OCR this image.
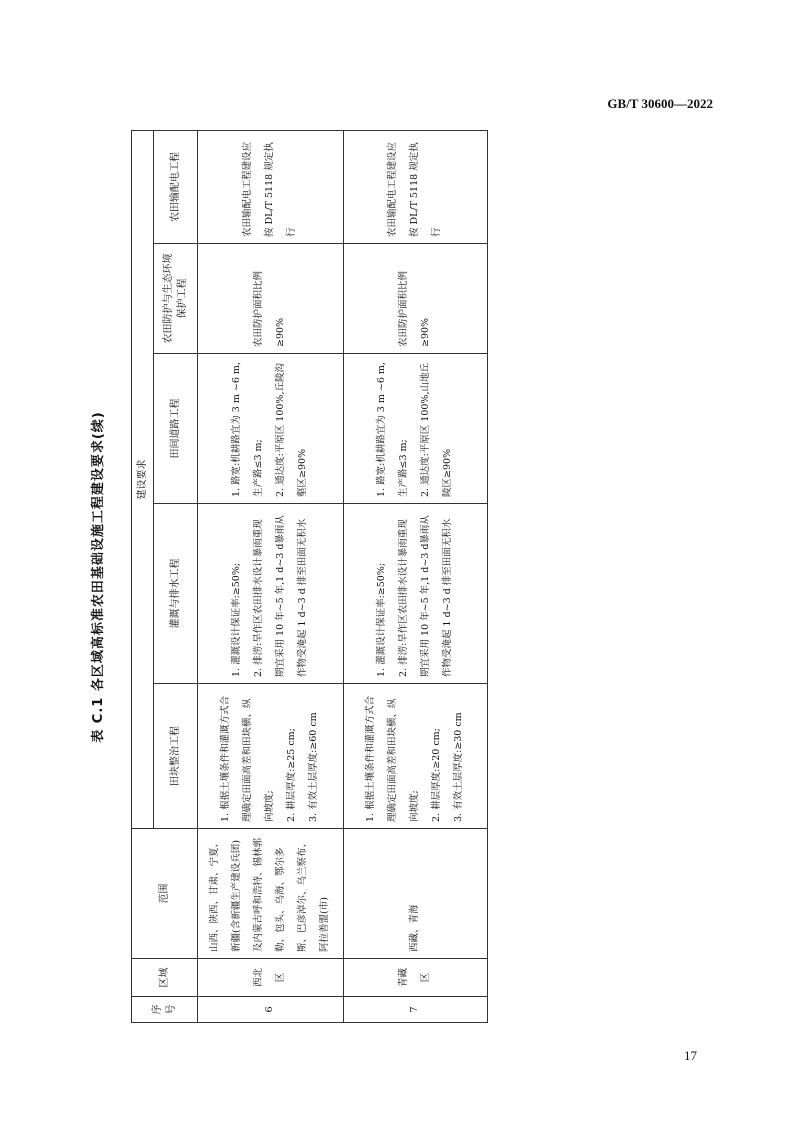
GB/T 30600—2022
表 C.1 各区域高标准农田基础设施工程建设要求(续)
序号	区域	范围	建设要求				
			田块整治工程	灌溉与排水工程	田间道路工程	农田防护与生态环境保护工程	农田输配电工程
6	西北区	山西、陕西、甘肃、宁夏、新疆(含新疆生产建设兵团)及内蒙古呼和浩特、锡林郭勒、包头、乌海、鄂尔多斯、巴彦淖尔、乌兰察布、阿拉善盟(市)	1. 根据土壤条件和灌溉方式合理确定田面高差和田块横、纵向坡度;
2. 耕层厚度:≥25 cm;
3. 有效土层厚度:≥60 cm	1. 灌溉设计保证率:≥50%;
2. 排涝:旱作区农田排水设计暴雨重现期宜采用 10 年~5 年,1 d~3 d暴雨从作物受淹起 1 d~3 d 排至田面无积水	1. 路宽:机耕路宜为 3 m ~6 m,生产路≤3 m;
2. 通达度:平原区 100%,丘陵沟壑区≥90%	农田防护面积比例≥90%	农田输配电工程建设应按 DL/T 5118 规定执行
7	青藏区	西藏、青海	1. 根据土壤条件和灌溉方式合理确定田面高差和田块横、纵向坡度;
2. 耕层厚度:≥20 cm;
3. 有效土层厚度:≥30 cm	1. 灌溉设计保证率:≥50%;
2. 排涝:旱作区农田排水设计暴雨重现期宜采用 10 年~5 年,1 d~3 d暴雨从作物受淹起 1 d~3 d 排至田面无积水	1. 路宽:机耕路宜为 3 m ~6 m,生产路≤3 m;
2. 通达度:平原区 100%,山地丘陵区≥90%	农田防护面积比例≥90%	农田输配电工程建设应按 DL/T 5118 规定执行
17
